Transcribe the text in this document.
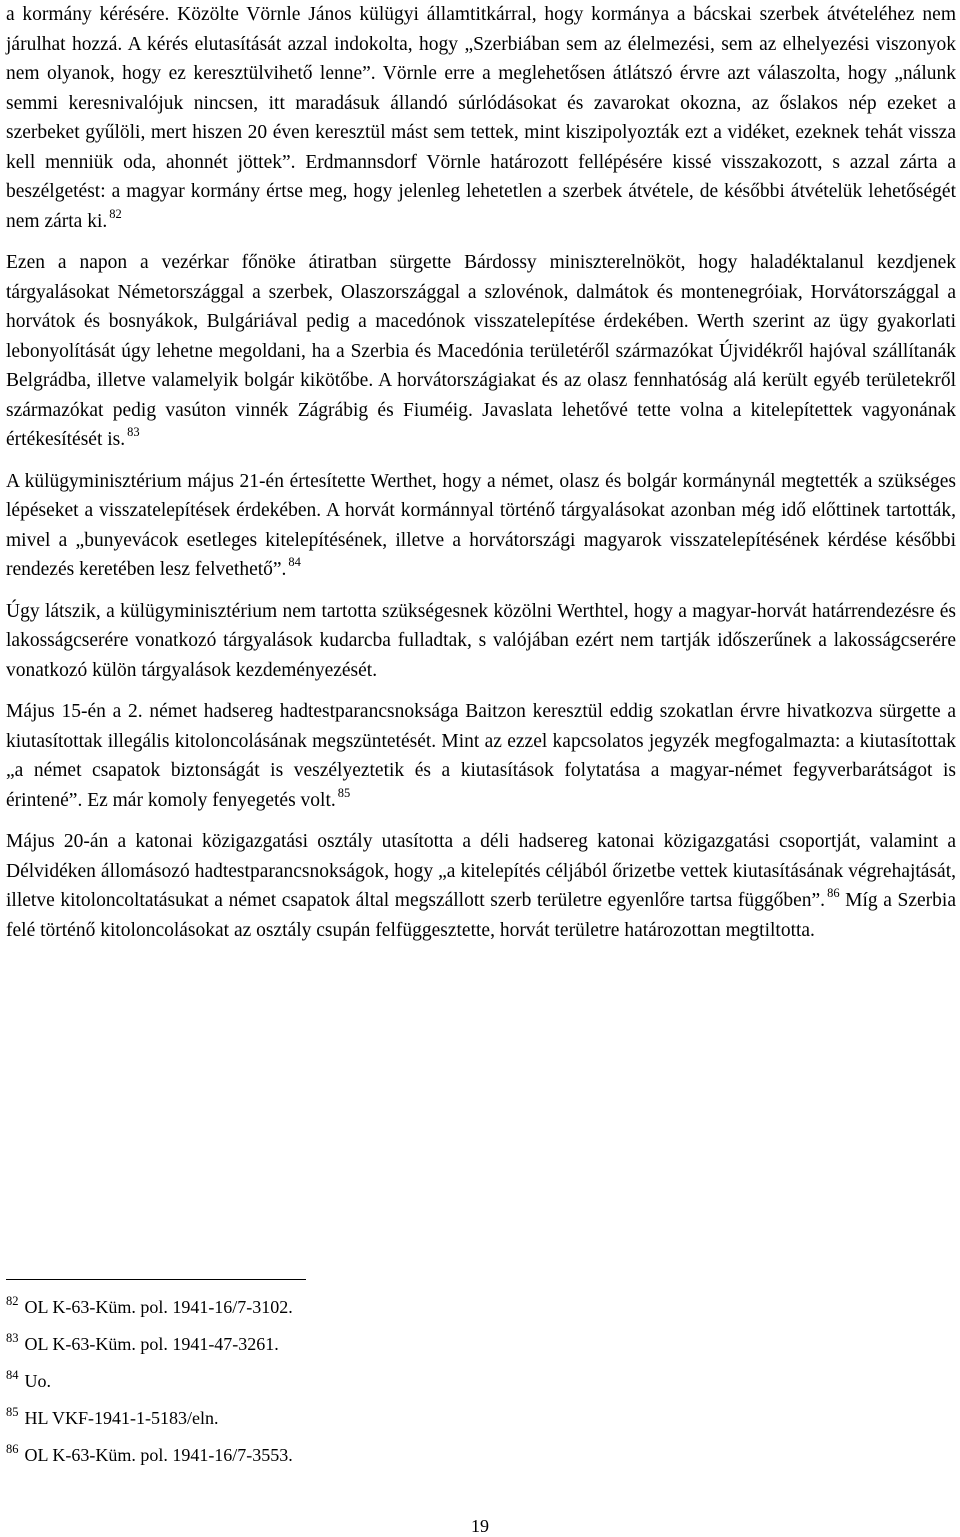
a kormány kérésére. Közölte Vörnle János külügyi államtitkárral, hogy kormánya a bácskai szerbek átvételéhez nem járulhat hozzá. A kérés elutasítását azzal indokolta, hogy „Szerbiában sem az élelmezési, sem az elhelyezési viszonyok nem olyanok, hogy ez keresztülvihető lenne”. Vörnle erre a meglehetősen átlátszó érvre azt válaszolta, hogy „nálunk semmi keresnivalójuk nincsen, itt maradásuk állandó súrlódásokat és zavarokat okozna, az őslakos nép ezeket a szerbeket gyűlöli, mert hiszen 20 éven keresztül mást sem tettek, mint kiszipolyozták ezt a vidéket, ezeknek tehát vissza kell menniük oda, ahonnét jöttek”. Erdmannsdorf Vörnle határozott fellépésére kissé visszakozott, s azzal zárta a beszélgetést: a magyar kormány értse meg, hogy jelenleg lehetetlen a szerbek átvétele, de későbbi átvételük lehetőségét nem zárta ki. $^{82}$

Ezen a napon a vezérkar főnöke átiratban sürgette Bárdossy miniszterelnököt, hogy haladéktalanul kezdjenek tárgyalásokat Németországgal a szerbek, Olaszországgal a szlovénok, dalmátok és montenegróiak, Horvátországgal a horvátok és bosnyákok, Bulgáriával pedig a macedónok visszatelepítése érdekében. Werth szerint az ügy gyakorlati lebonyolítását úgy lehetne megoldani, ha a Szerbia és Macedónia területéről származókat Újvidékről hajóval szállítanák Belgrádba, illetve valamelyik bolgár kikötőbe. A horvátországiakat és az olasz fennhatóság alá került egyéb területekről származókat pedig vasúton vinnék Zágrábig és Fiuméig. Javaslata lehetővé tette volna a kitelepítettek vagyonának értékesítését is. $^{83}$

A külügyminisztérium május 21-én értesítette Werthet, hogy a német, olasz és bolgár kormánynál megtették a szükséges lépéseket a visszatelepítések érdekében. A horvát kormánnyal történő tárgyalásokat azonban még idő előttinek tartották, mivel a „bunyevácok esetleges kitelepítésének, illetve a horvátországi magyarok visszatelepítésének kérdése későbbi rendezés keretében lesz felvethető”. $^{84}$

Úgy látszik, a külügyminisztérium nem tartotta szükségesnek közölni Werthtel, hogy a magyar-horvát határrendezésre és lakosságcserére vonatkozó tárgyalások kudarcba fulladtak, s valójában ezért nem tartják időszerűnek a lakosságcserére vonatkozó külön tárgyalások kezdeményezését.

Május 15-én a 2. német hadsereg hadtestparancsnoksága Baitzon keresztül eddig szokatlan érvre hivatkozva sürgette a kiutasítottak illegális kitoloncolásának megszüntetését. Mint az ezzel kapcsolatos jegyzék megfogalmazta: a kiutasítottak „a német csapatok biztonságát is veszélyeztetik és a kiutasítások folytatása a magyar-német fegyverbarátságot is érintené”. Ez már komoly fenyegetés volt. $^{85}$

Május 20-án a katonai közigazgatási osztály utasította a déli hadsereg katonai közigazgatási csoportját, valamint a Délvidéken állomásozó hadtestparancsnokságok, hogy „a kitelepítés céljából őrizetbe vettek kiutasításának végrehajtását, illetve kitoloncoltatásukat a német csapatok által megszállott szerb területre egyenlőre tartsa függőben”. $^{86}$ Míg a Szerbia felé történő kitoloncolásokat az osztály csupán felfüggesztette, horvát területre határozottan megtiltotta.

$^{82}$ OL K-63-Küm. pol. 1941-16/7-3102.
$^{83}$ OL K-63-Küm. pol. 1941-47-3261.
$^{84}$ Uo.
$^{85}$ HL VKF-1941-1-5183/eln.
$^{86}$ OL K-63-Küm. pol. 1941-16/7-3553.
19
